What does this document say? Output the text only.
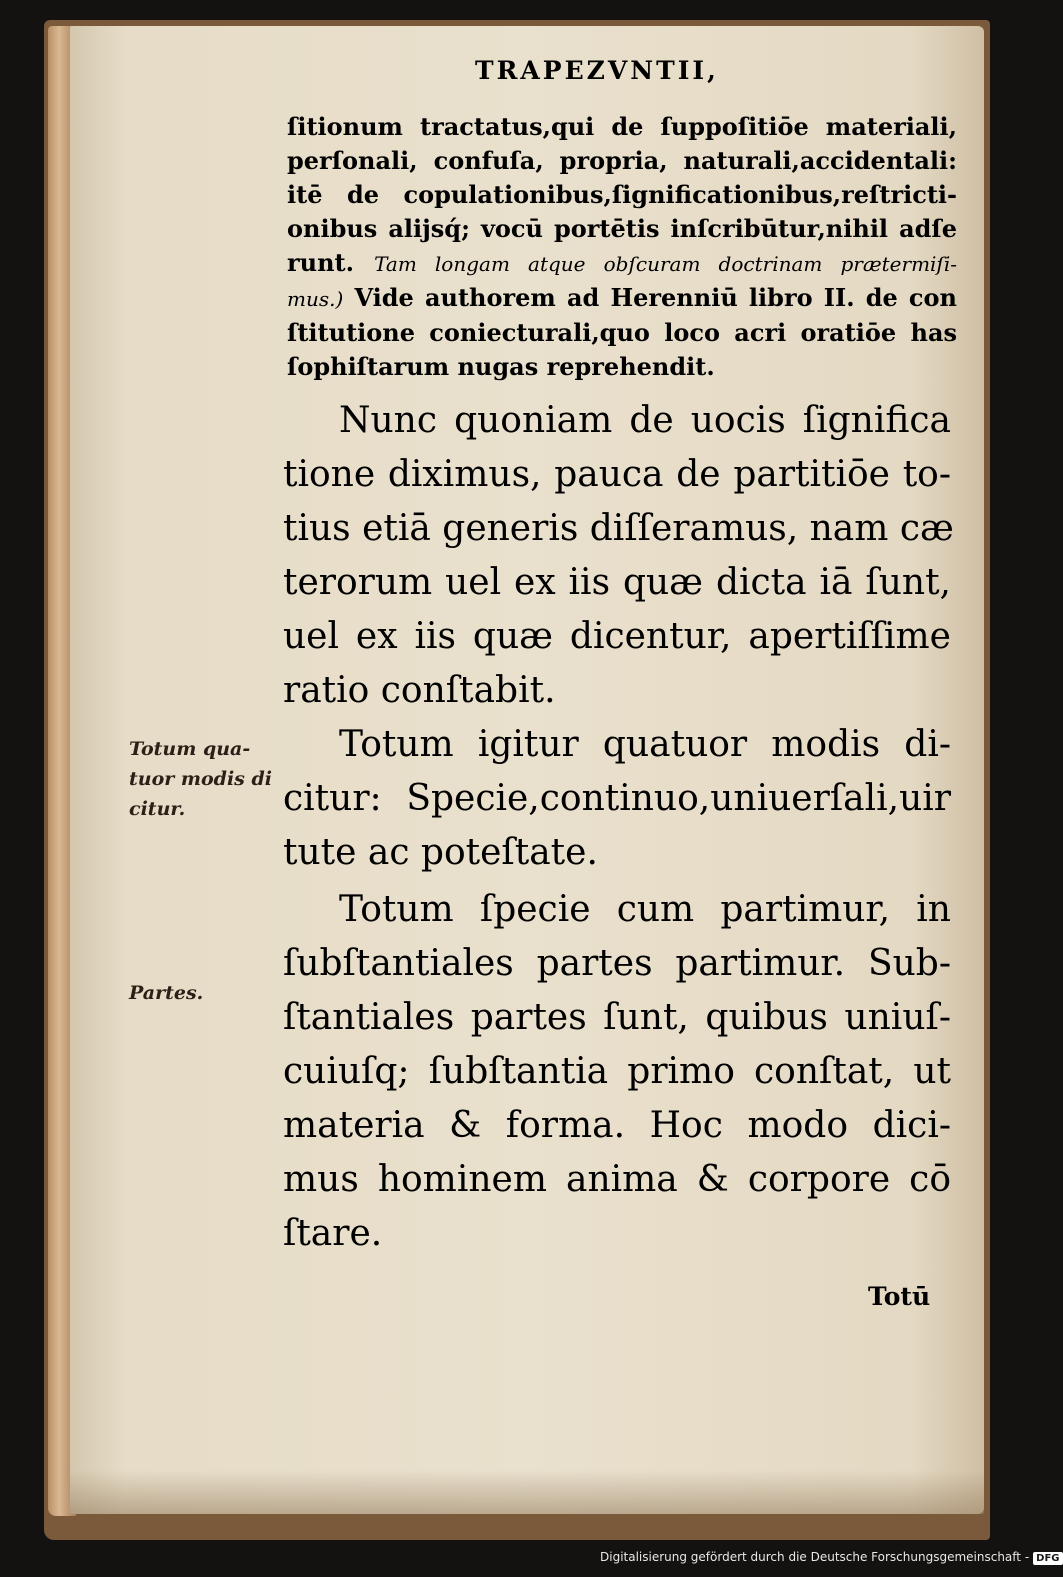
TRAPEZVNTII,
ſitionum tractatus,qui de ſuppoſitiōe materiali,
perſonali, confuſa, propria, naturali,accidentali:
itē de copulationibus,ſignificationibus,reſtricti-
onibus alijsq́; vocū portētis inſcribūtur,nihil adſe
runt. Tam longam atque obſcuram doctrinam prætermiſi-
mus.) Vide authorem ad Herenniū libro II. de con
ſtitutione coniecturali,quo loco acri oratiōe has
ſophiſtarum nugas reprehendit.
Nunc quoniam de uocis ſignifica
tione diximus, pauca de partitiōe to-
tius etiā generis diſſeramus, nam cæ
terorum uel ex iis quæ dicta iā ſunt,
uel ex iis quæ dicentur, apertiſſime
ratio conſtabit.
Totum igitur quatuor modis di-
citur: Specie,continuo,uniuerſali,uir
tute ac poteſtate.
Totum ſpecie cum partimur, in
ſubſtantiales partes partimur. Sub-
ſtantiales partes ſunt, quibus uniuſ-
cuiuſq; ſubſtantia primo conſtat, ut
materia & forma. Hoc modo dici-
mus hominem anima & corpore cō
ſtare.
Totum qua-
tuor modis di
citur.
Partes.
Totū
Digitalisierung gefördert durch die Deutsche Forschungsgemeinschaft - DFG
